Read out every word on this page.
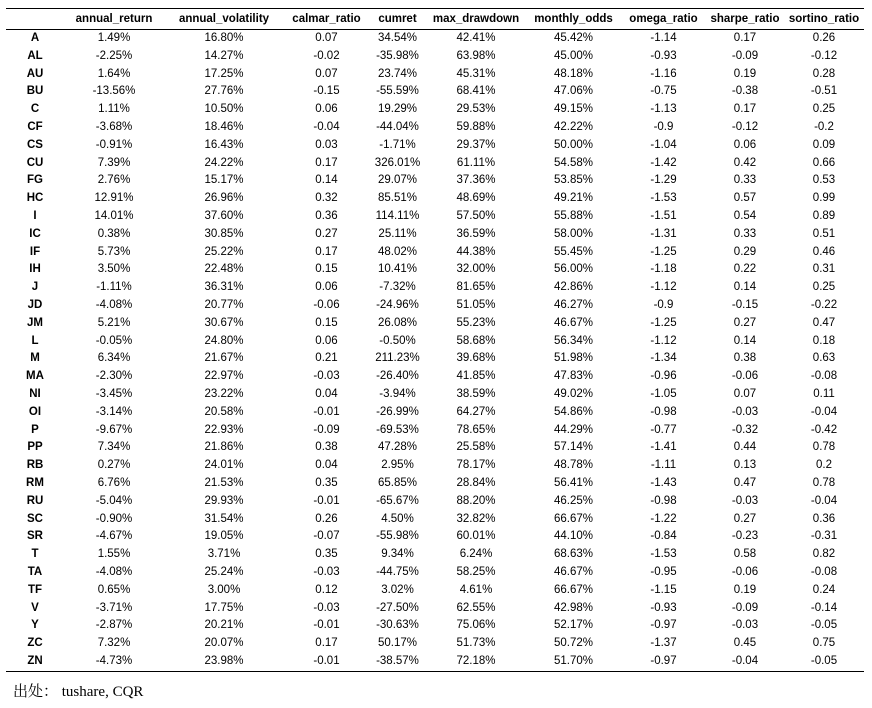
	annual_return	annual_volatility	calmar_ratio	cumret	max_drawdown	monthly_odds	omega_ratio	sharpe_ratio	sortino_ratio
A	1.49%	16.80%	0.07	34.54%	42.41%	45.42%	-1.14	0.17	0.26
AL	-2.25%	14.27%	-0.02	-35.98%	63.98%	45.00%	-0.93	-0.09	-0.12
AU	1.64%	17.25%	0.07	23.74%	45.31%	48.18%	-1.16	0.19	0.28
BU	-13.56%	27.76%	-0.15	-55.59%	68.41%	47.06%	-0.75	-0.38	-0.51
C	1.11%	10.50%	0.06	19.29%	29.53%	49.15%	-1.13	0.17	0.25
CF	-3.68%	18.46%	-0.04	-44.04%	59.88%	42.22%	-0.9	-0.12	-0.2
CS	-0.91%	16.43%	0.03	-1.71%	29.37%	50.00%	-1.04	0.06	0.09
CU	7.39%	24.22%	0.17	326.01%	61.11%	54.58%	-1.42	0.42	0.66
FG	2.76%	15.17%	0.14	29.07%	37.36%	53.85%	-1.29	0.33	0.53
HC	12.91%	26.96%	0.32	85.51%	48.69%	49.21%	-1.53	0.57	0.99
I	14.01%	37.60%	0.36	114.11%	57.50%	55.88%	-1.51	0.54	0.89
IC	0.38%	30.85%	0.27	25.11%	36.59%	58.00%	-1.31	0.33	0.51
IF	5.73%	25.22%	0.17	48.02%	44.38%	55.45%	-1.25	0.29	0.46
IH	3.50%	22.48%	0.15	10.41%	32.00%	56.00%	-1.18	0.22	0.31
J	-1.11%	36.31%	0.06	-7.32%	81.65%	42.86%	-1.12	0.14	0.25
JD	-4.08%	20.77%	-0.06	-24.96%	51.05%	46.27%	-0.9	-0.15	-0.22
JM	5.21%	30.67%	0.15	26.08%	55.23%	46.67%	-1.25	0.27	0.47
L	-0.05%	24.80%	0.06	-0.50%	58.68%	56.34%	-1.12	0.14	0.18
M	6.34%	21.67%	0.21	211.23%	39.68%	51.98%	-1.34	0.38	0.63
MA	-2.30%	22.97%	-0.03	-26.40%	41.85%	47.83%	-0.96	-0.06	-0.08
NI	-3.45%	23.22%	0.04	-3.94%	38.59%	49.02%	-1.05	0.07	0.11
OI	-3.14%	20.58%	-0.01	-26.99%	64.27%	54.86%	-0.98	-0.03	-0.04
P	-9.67%	22.93%	-0.09	-69.53%	78.65%	44.29%	-0.77	-0.32	-0.42
PP	7.34%	21.86%	0.38	47.28%	25.58%	57.14%	-1.41	0.44	0.78
RB	0.27%	24.01%	0.04	2.95%	78.17%	48.78%	-1.11	0.13	0.2
RM	6.76%	21.53%	0.35	65.85%	28.84%	56.41%	-1.43	0.47	0.78
RU	-5.04%	29.93%	-0.01	-65.67%	88.20%	46.25%	-0.98	-0.03	-0.04
SC	-0.90%	31.54%	0.26	4.50%	32.82%	66.67%	-1.22	0.27	0.36
SR	-4.67%	19.05%	-0.07	-55.98%	60.01%	44.10%	-0.84	-0.23	-0.31
T	1.55%	3.71%	0.35	9.34%	6.24%	68.63%	-1.53	0.58	0.82
TA	-4.08%	25.24%	-0.03	-44.75%	58.25%	46.67%	-0.95	-0.06	-0.08
TF	0.65%	3.00%	0.12	3.02%	4.61%	66.67%	-1.15	0.19	0.24
V	-3.71%	17.75%	-0.03	-27.50%	62.55%	42.98%	-0.93	-0.09	-0.14
Y	-2.87%	20.21%	-0.01	-30.63%	75.06%	52.17%	-0.97	-0.03	-0.05
ZC	7.32%	20.07%	0.17	50.17%	51.73%	50.72%	-1.37	0.45	0.75
ZN	-4.73%	23.98%	-0.01	-38.57%	72.18%	51.70%	-0.97	-0.04	-0.05
出处： tushare, CQR
